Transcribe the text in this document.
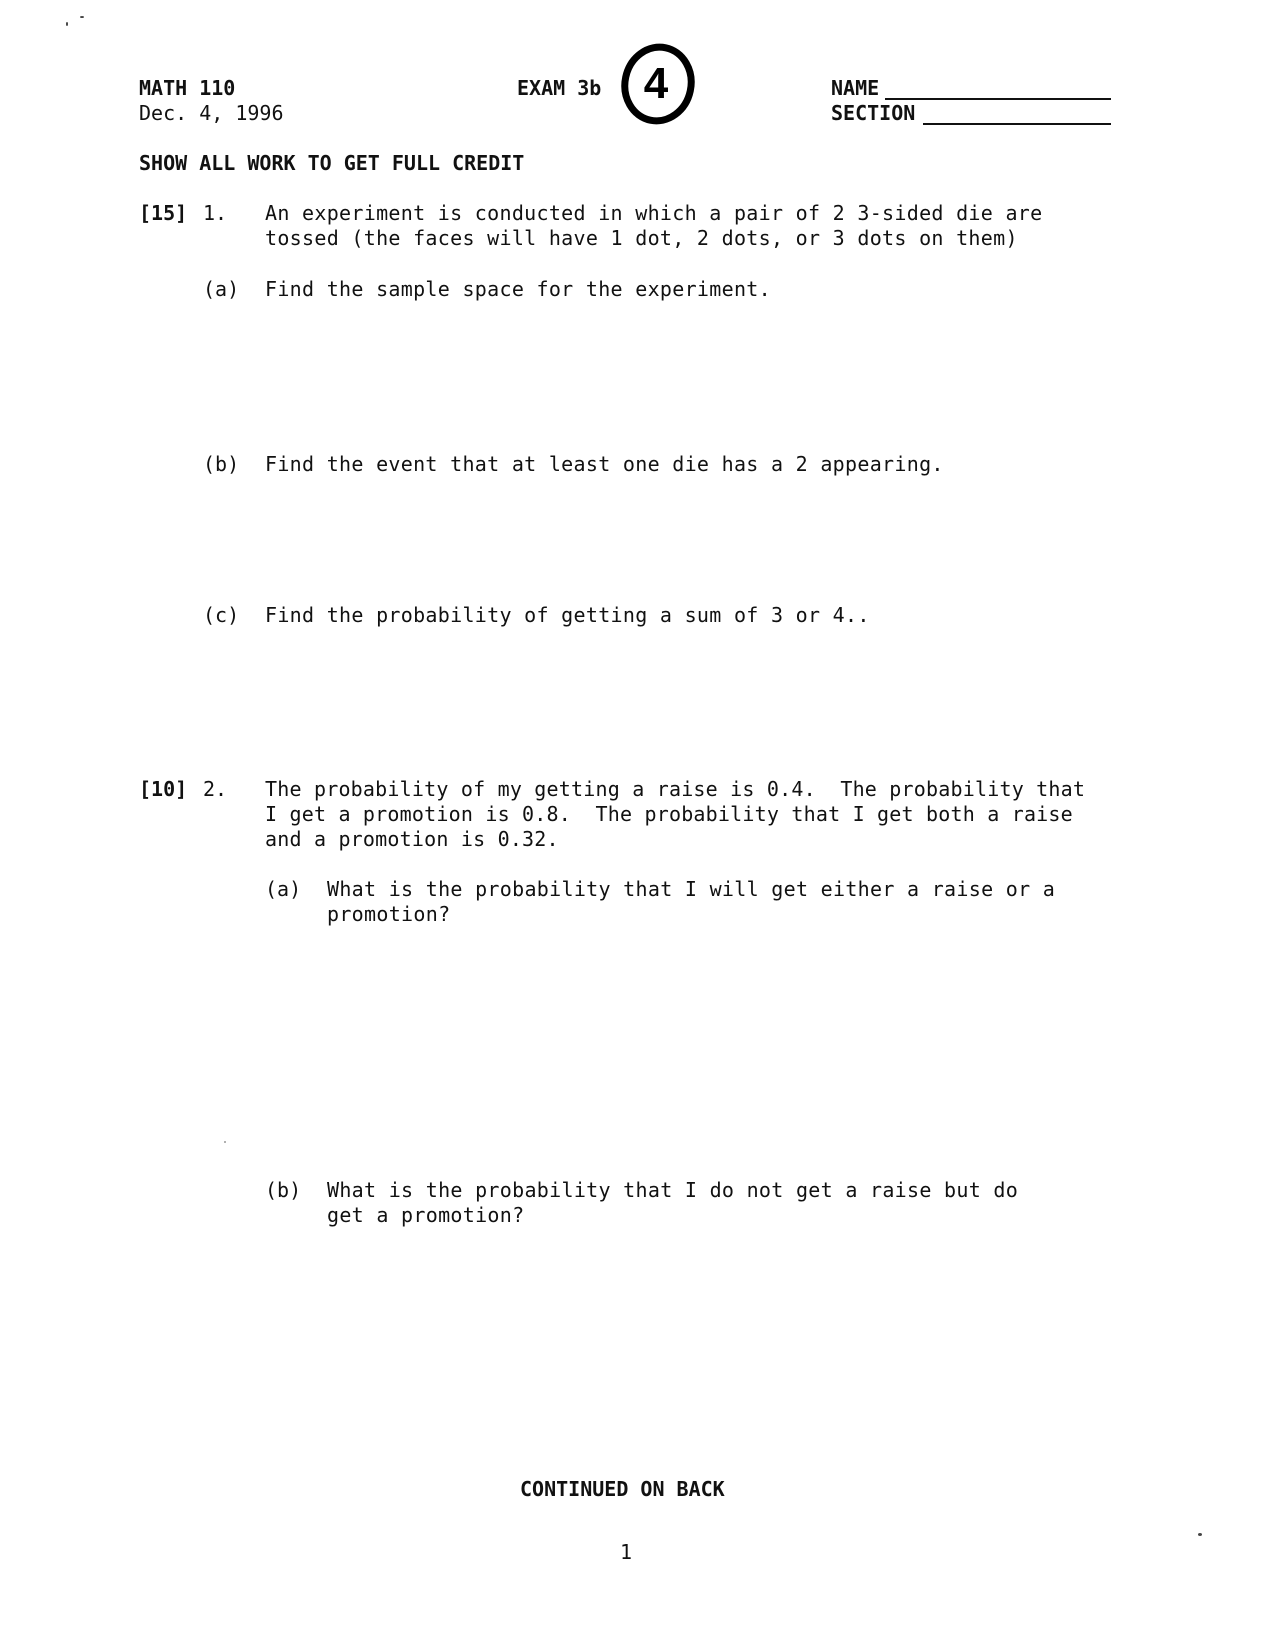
MATH 110
Dec. 4, 1996
EXAM 3b 4	NAME
SECTION
SHOW ALL WORK TO GET FULL CREDIT
[15] 1. An experiment is conducted in which a pair of 2 3-sided die are
tossed (the faces will have 1 dot, 2 dots, or 3 dots on them)
(a) Find the sample space for the experiment.
(b) Find the event that at least one die has a 2 appearing.
(c) Find the probability of getting a sum of 3 or 4..
[10] 2. The probability of my getting a raise is 0.4.  The probability that
I get a promotion is 0.8.  The probability that I get both a raise
and a promotion is 0.32.
(a) What is the probability that I will get either a raise or a
promotion?
(b) What is the probability that I do not get a raise but do
get a promotion?
CONTINUED ON BACK
1
